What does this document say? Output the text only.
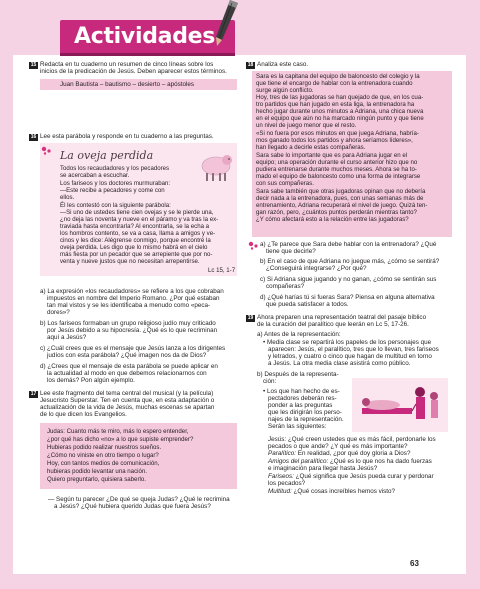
Actividades
15 Redacta en tu cuaderno un resumen de cinco líneas sobre los
inicios de la predicación de Jesús. Deben aparecer estos términos.
Juan Bautista – bautismo – desierto – apóstoles
16 Lee esta parábola y responde en tu cuaderno a las preguntas.
La oveja perdida
Todos los recaudadores y los pecadores
se acercaban a escuchar.
Los fariseos y los doctores murmuraban:
—Este recibe a pecadores y come con
ellos.
Él les contestó con la siguiente parábola:
—Si uno de ustedes tiene cien ovejas y se le pierde una,
¿no deja las noventa y nueve en el páramo y va tras la ex-
traviada hasta encontrarla? Al encontrarla, se la echa a
los hombros contento, se va a casa, llama a amigos y ve-
cinos y les dice: Alégrense conmigo, porque encontré la
oveja perdida. Les digo que lo mismo habrá en el cielo
más fiesta por un pecador que se arrepiente que por no-
venta y nueve justos que no necesitan arrepentirse.
Lc 15, 1-7
a) La expresión «los recaudadores» se refiere a los que cobraban
impuestos en nombre del Imperio Romano. ¿Por qué estaban
tan mal vistos y se les identificaba a menudo como «peca-
dores»?
b) Los fariseos formaban un grupo religioso judío muy criticado
por Jesús debido a su hipocresía. ¿Qué es lo que recriminan
aquí a Jesús?
c) ¿Cuál crees que es el mensaje que Jesús lanza a los dirigentes
judíos con esta parábola? ¿Qué imagen nos da de Dios?
d) ¿Crees que el mensaje de esta parábola se puede aplicar en
la actualidad al modo en que debemos relacionarnos con
los demás? Pon algún ejemplo.
17 Lee este fragmento del tema central del musical (y la película)
Jesucristo Superstar. Ten en cuenta que, en esta adaptación o
actualización de la vida de Jesús, muchas escenas se apartan
de lo que dicen los Evangelios.
Judas: Cuanto más te miro, más lo espero entender,
¿por qué has dicho «no» a lo que supiste emprender?
Hubieras podido realizar nuestros sueños.
¿Cómo no viniste en otro tiempo o lugar?
Hoy, con tantos medios de comunicación,
hubieras podido levantar una nación.
Quiero preguntarlo, quisiera saberlo.
— Según tu parecer ¿De qué se queja Judas? ¿Qué le recrimina
a Jesús? ¿Qué hubiera querido Judas que fuera Jesús?
18 Analiza este caso.
Sara es la capitana del equipo de baloncesto del colegio y la
que tiene el encargo de hablar con la entrenadora cuando
surge algún conflicto.
Hoy, tres de las jugadoras se han quejado de que, en los cua-
tro partidos que han jugado en esta liga, la entrenadora ha
hecho jugar durante unos minutos a Adriana, una chica nueva
en el equipo que aún no ha marcado ningún punto y que tiene
un nivel de juego menor que el resto.
«Si no fuera por esos minutos en que juega Adriana, habría-
mos ganado todos los partidos y ahora seríamos líderes»,
han llegado a decirle estas compañeras.
Sara sabe lo importante que es para Adriana jugar en el
equipo; una operación durante el curso anterior hizo que no
pudiera entrenarse durante muchos meses. Ahora se ha to-
mado el equipo de baloncesto como una forma de integrarse
con sus compañeras.
Sara sabe también que otras jugadoras opinan que no debería
decir nada a la entrenadora, pues, con unas semanas más de
entrenamiento, Adriana recuperará el nivel de juego. Quizá ten-
gan razón, pero, ¿cuántos puntos perderán mientras tanto?
¿Y cómo afectará esto a la relación entre las jugadoras?
a) ¿Te parece que Sara debe hablar con la entrenadora? ¿Qué
tiene que decirle?
b) En el caso de que Adriana no juegue más, ¿cómo se sentirá?
¿Conseguirá integrarse? ¿Por qué?
c) Si Adriana sigue jugando y no ganan, ¿cómo se sentirán sus
compañeras?
d) ¿Qué harías tú si fueras Sara? Piensa en alguna alternativa
que pueda satisfacer a todos.
19 Ahora preparen una representación teatral del pasaje bíblico
de la curación del paralítico que leerán en Lc 5, 17-26.
a) Antes de la representación:
• Media clase se repartirá los papeles de los personajes que
aparecen: Jesús, el paralítico, tres que lo llevan, tres fariseos
y letrados, y cuatro o cinco que hagan de multitud en torno
a Jesús. La otra media clase asistirá como público.
b) Después de la representa-
ción:
• Los que han hecho de es-
pectadores deberán res-
ponder a las preguntas
que les dirigirán los perso-
najes de la representación.
Serán las siguientes:
Jesús: ¿Qué creen ustedes que es más fácil, perdonarle los
pecados o que ande? ¿Y qué es más importante?
Paralítico: En realidad, ¿por qué doy gloria a Dios?
Amigos del paralítico: ¿Qué es lo que nos ha dado fuerzas
e imaginación para llegar hasta Jesús?
Fariseos: ¿Qué significa que Jesús pueda curar y perdonar
los pecados?
Multitud: ¿Qué cosas increíbles hemos visto?
63
